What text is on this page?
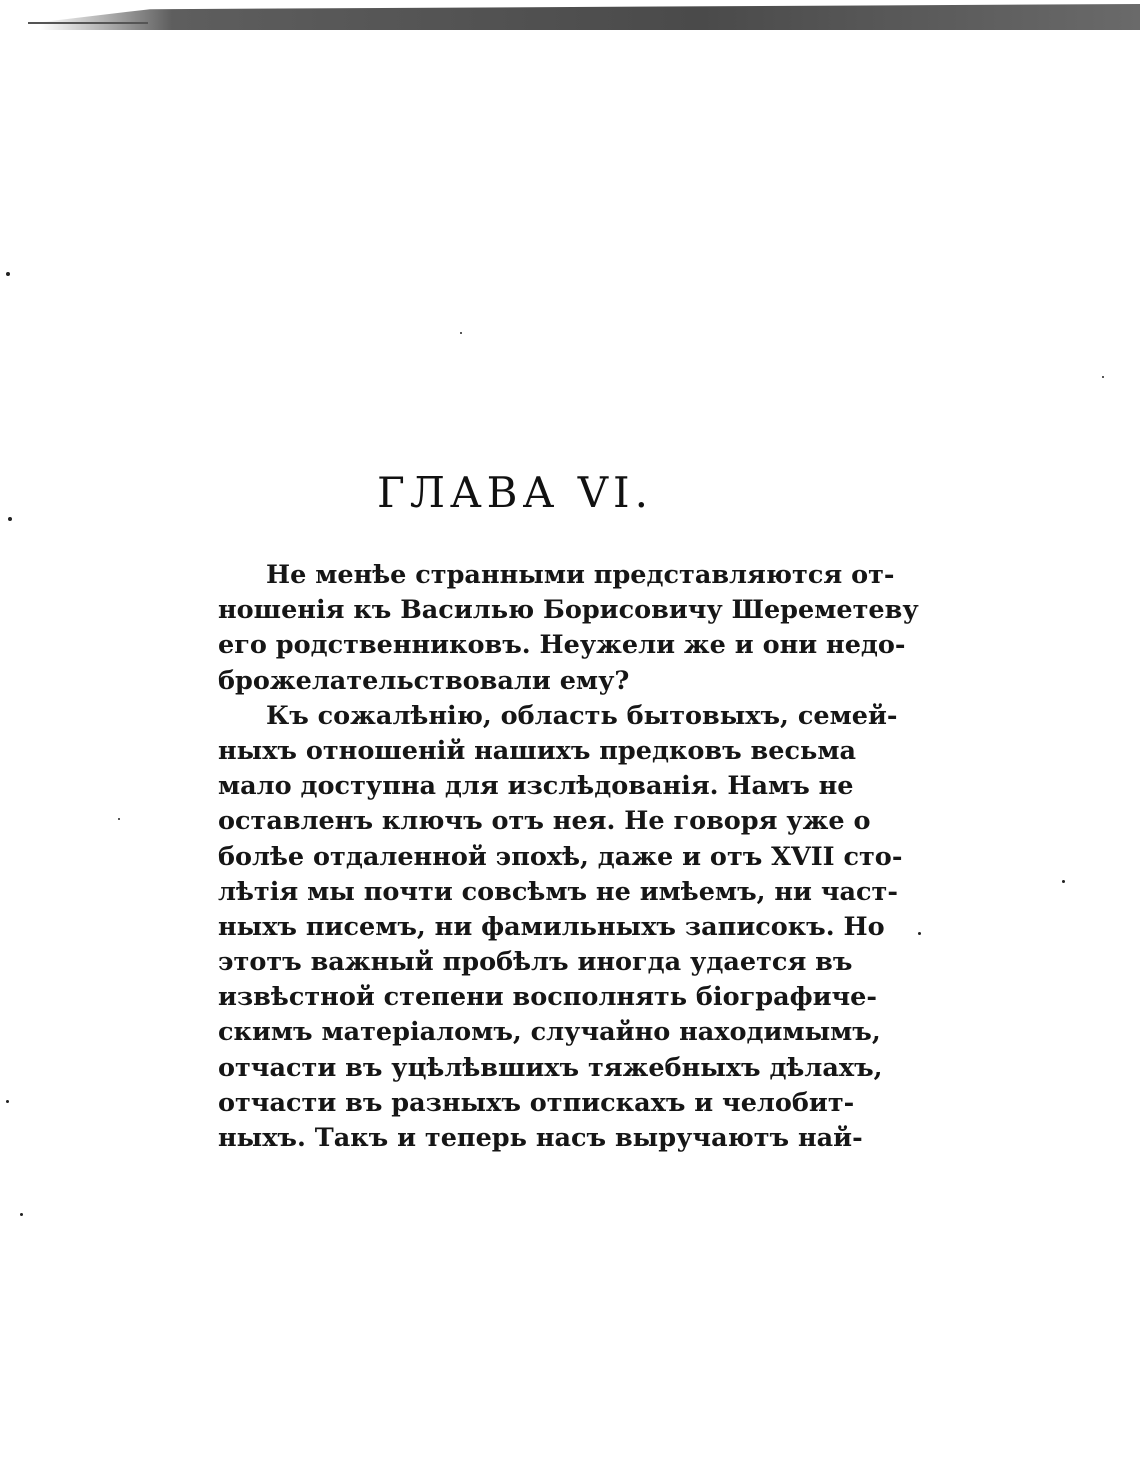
ГЛАВА VI.
Не менѣе странными представляются от-
ношенія къ Василью Борисовичу Шереметеву
его родственниковъ. Неужели же и они недо-
брожелательствовали ему?
Къ сожалѣнію, область бытовыхъ, семей-
ныхъ отношеній нашихъ предковъ весьма
мало доступна для изслѣдованія. Намъ не
оставленъ ключъ отъ нея. Не говоря уже о
болѣе отдаленной эпохѣ, даже и отъ XVII сто-
лѣтія мы почти совсѣмъ не имѣемъ, ни част-
ныхъ писемъ, ни фамильныхъ записокъ. Но
этотъ важный пробѣлъ иногда удается въ
извѣстной степени восполнять біографиче-
скимъ матеріаломъ, случайно находимымъ,
отчасти въ уцѣлѣвшихъ тяжебныхъ дѣлахъ,
отчасти въ разныхъ отпискахъ и челобит-
ныхъ. Такъ и теперь насъ выручаютъ най-
